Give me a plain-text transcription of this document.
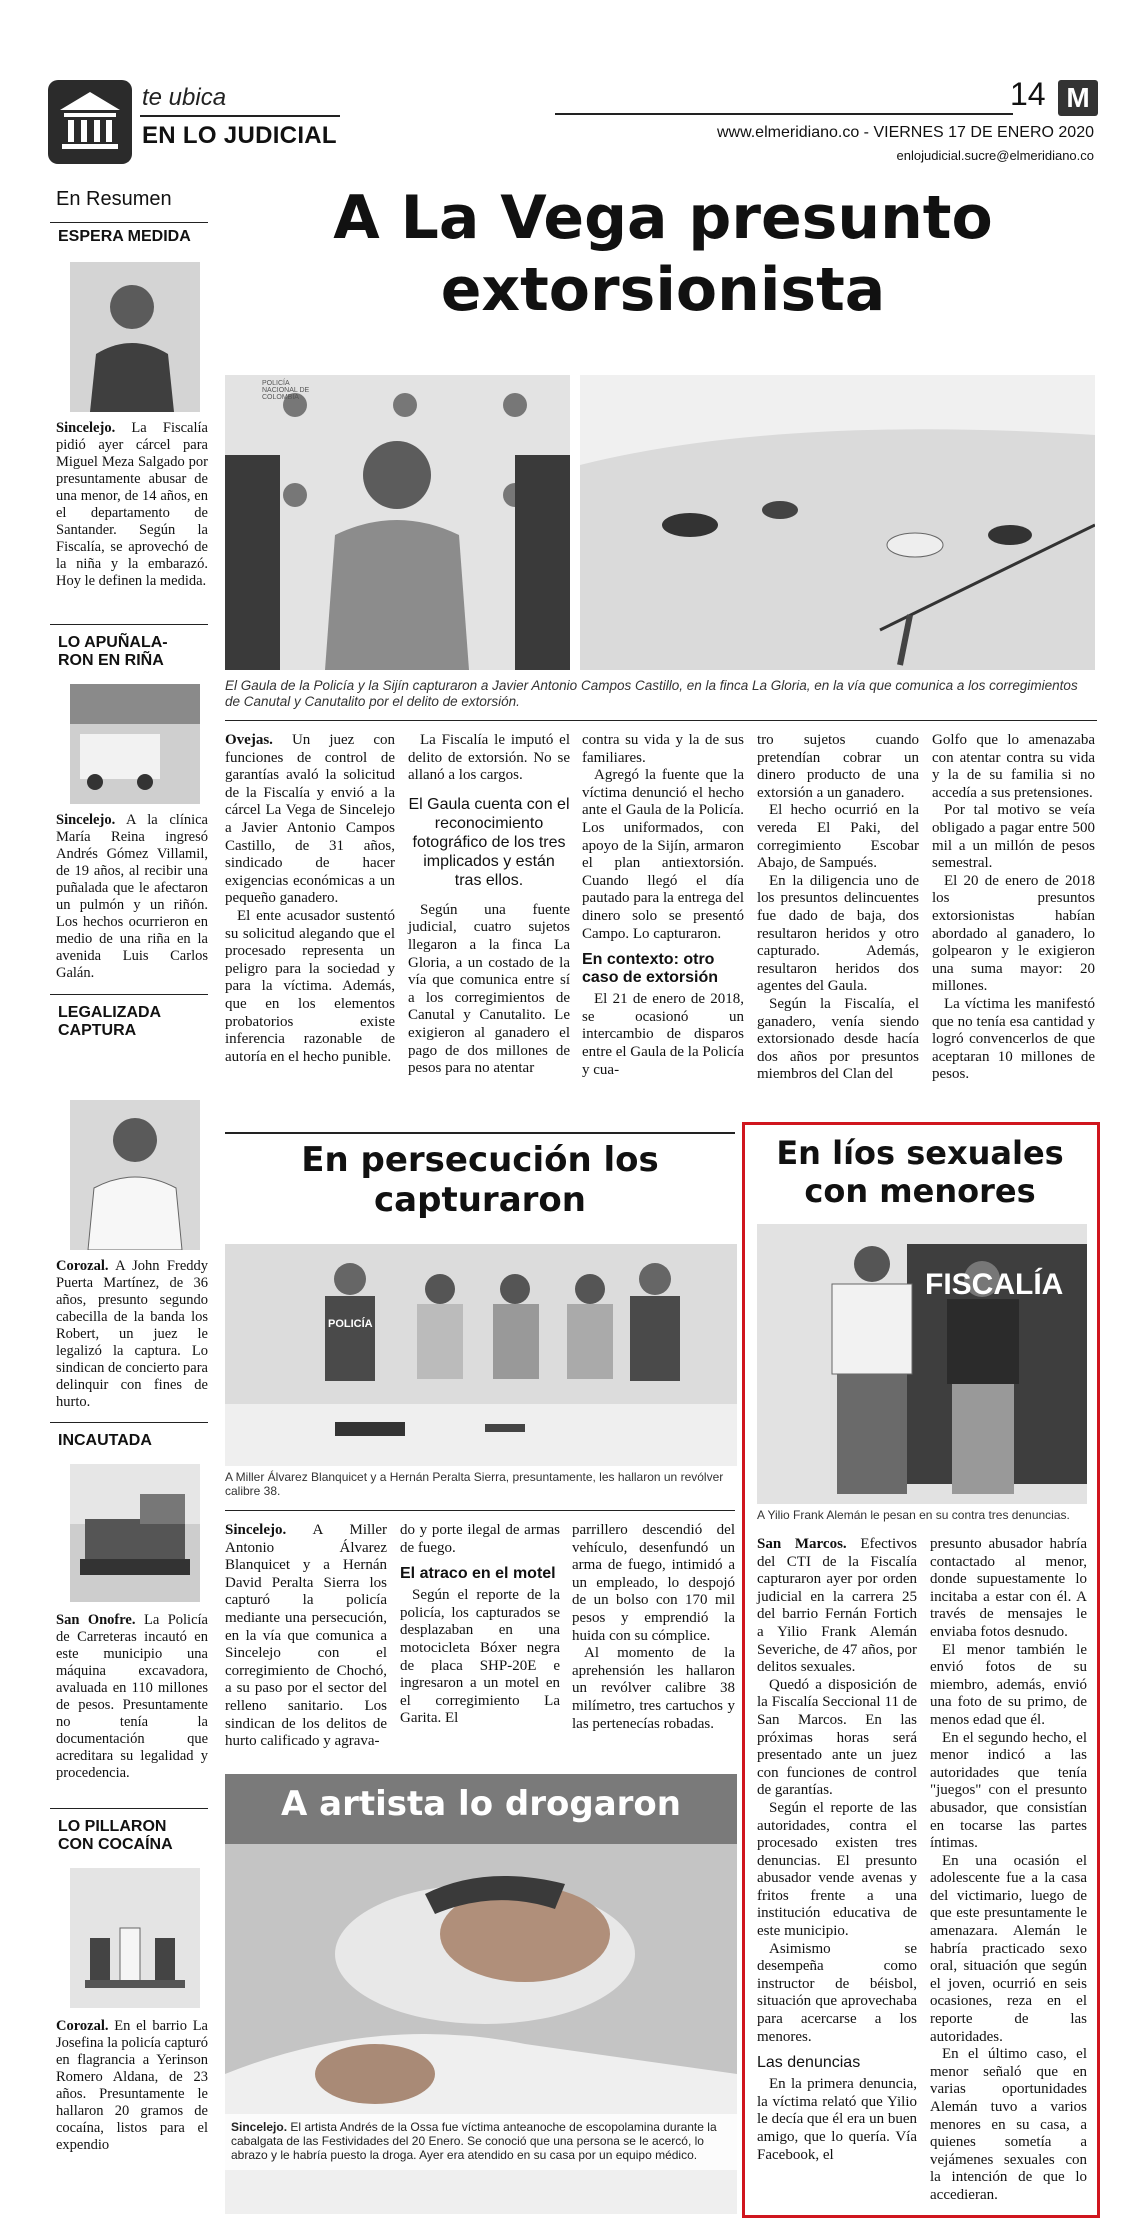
te ubica
EN LO JUDICIAL
14 M
www.elmeridiano.co - VIERNES 17 DE ENERO 2020
enlojudicial.sucre@elmeridiano.co
En Resumen
ESPERA MEDIDA
Sincelejo. La Fiscalía pidió ayer cárcel para Miguel Meza Salgado por presuntamente abusar de una menor, de 14 años, en el departamento de Santander. Según la Fiscalía, se aprovechó de la niña y la embarazó. Hoy le definen la medida.
LO APUÑALA-
RON EN RIÑA
Sincelejo. A la clínica María Reina ingresó Andrés Gómez Villamil, de 19 años, al recibir una puñalada que le afectaron un pulmón y un riñón. Los hechos ocurrieron en medio de una riña en la avenida Luis Carlos Galán.
LEGALIZADA
CAPTURA
Corozal. A John Freddy Puerta Martínez, de 36 años, presunto segundo cabecilla de la banda los Robert, un juez le legalizó la captura. Lo sindican de concierto para delinquir con fines de hurto.
INCAUTADA
San Onofre. La Policía de Carreteras incautó en este municipio una máquina excavadora, avaluada en 110 millones de pesos. Presuntamente no tenía la documentación que acreditara su legalidad y procedencia.
LO PILLARON
CON COCAÍNA
Corozal. En el barrio La Josefina la policía capturó en flagrancia a Yerinson Romero Aldana, de 23 años. Presuntamente le hallaron 20 gramos de cocaína, listos para el expendio
A La Vega presunto extorsionista
POLICÍA NACIONAL DE COLOMBIA
El Gaula de la Policía y la Sijín capturaron a Javier Antonio Campos Castillo, en la finca La Gloria, en la vía que comunica a los corregimientos de Canutal y Canutalito por el delito de extorsión.

Ovejas. Un juez con funciones de control de garantías avaló la solicitud de la Fiscalía y envió a la cárcel La Vega de Sincelejo a Javier Antonio Campos Castillo, de 31 años, sindicado de hacer exigencias económicas a un pequeño ganadero.

El ente acusador sustentó su solicitud alegando que el procesado representa un peligro para la sociedad y para la víctima. Además, que en los elementos probatorios existe inferencia razonable de autoría en el hecho punible.

La Fiscalía le imputó el delito de extorsión. No se allanó a los cargos.

El Gaula cuenta con el reconocimiento fotográfico de los tres implicados y están tras ellos.

Según una fuente judicial, cuatro sujetos llegaron a la finca La Gloria, a un costado de la vía que comunica entre sí a los corregimientos de Canutal y Canutalito. Le exigieron al ganadero el pago de dos millones de pesos para no atentar

contra su vida y la de sus familiares.

Agregó la fuente que la víctima denunció el hecho ante el Gaula de la Policía. Los uniformados, con apoyo de la Sijín, armaron el plan antiextorsión. Cuando llegó el día pautado para la entrega del dinero solo se presentó Campo. Lo capturaron.

En contexto: otro caso de extorsión

El 21 de enero de 2018, se ocasionó un intercambio de disparos entre el Gaula de la Policía y cua-

tro sujetos cuando pretendían cobrar un dinero producto de una extorsión a un ganadero.

El hecho ocurrió en la vereda El Paki, del corregimiento Escobar Abajo, de Sampués.

En la diligencia uno de los presuntos delincuentes fue dado de baja, dos resultaron heridos y otro capturado. Además, resultaron heridos dos agentes del Gaula.

Según la Fiscalía, el ganadero, venía siendo extorsionado desde hacía dos años por presuntos miembros del Clan del

Golfo que lo amenazaba con atentar contra su vida y la de su familia si no accedía a sus pretensiones.

Por tal motivo se veía obligado a pagar entre 500 mil a un millón de pesos semestral.

El 20 de enero de 2018 los presuntos extorsionistas habían abordado al ganadero, lo golpearon y le exigieron una suma mayor: 20 millones.

La víctima les manifestó que no tenía esa cantidad y logró convencerlos de que aceptaran 10 millones de pesos.

En persecución los capturaron
POLICÍA
A Miller Álvarez Blanquicet y a Hernán Peralta Sierra, presuntamente, les hallaron un revólver calibre 38.

Sincelejo. A Miller Antonio Álvarez Blanquicet y a Hernán David Peralta Sierra los capturó la policía mediante una persecución, en la vía que comunica a Sincelejo con el corregimiento de Chochó, a su paso por el sector del relleno sanitario. Los sindican de los delitos de hurto calificado y agrava-

do y porte ilegal de armas de fuego.

El atraco en el motel

Según el reporte de la policía, los capturados se desplazaban en una motocicleta Bóxer negra de placa SHP-20E e ingresaron a un motel en el corregimiento La Garita. El

parrillero descendió del vehículo, desenfundó un arma de fuego, intimidó a un empleado, lo despojó de un bolso con 170 mil pesos y emprendió la huida con su cómplice.

Al momento de la aprehensión les hallaron un revólver calibre 38 milímetro, tres cartuchos y las pertenecías robadas.

A artista lo drogaron
Sincelejo. El artista Andrés de la Ossa fue víctima anteanoche de escopolamina durante la cabalgata de las Festividades del 20 Enero. Se conoció que una persona se le acercó, lo abrazo y le habría puesto la droga. Ayer era atendido en su casa por un equipo médico.
En líos sexuales con menores
FISCALÍA
A Yilio Frank Alemán le pesan en su contra tres denuncias.

San Marcos. Efectivos del CTI de la Fiscalía capturaron ayer por orden judicial en la carrera 25 del barrio Fernán Fortich a Yilio Frank Alemán Severiche, de 47 años, por delitos sexuales.

Quedó a disposición de la Fiscalía Seccional 11 de San Marcos. En las próximas horas será presentado ante un juez con funciones de control de garantías.

Según el reporte de las autoridades, contra el procesado existen tres denuncias. El presunto abusador vende avenas y fritos frente a una institución educativa de este municipio.

Asimismo se desempeña como instructor de béisbol, situación que aprovechaba para acercarse a los menores.

Las denuncias

En la primera denuncia, la víctima relató que Yilio le decía que él era un buen amigo, que lo quería. Vía Facebook, el

presunto abusador habría contactado al menor, donde supuestamente lo incitaba a estar con él. A través de mensajes le enviaba fotos desnudo.

El menor también le envió fotos de su miembro, además, envió una foto de su primo, de menos edad que él.

En el segundo hecho, el menor indicó a las autoridades que tenía "juegos" con el presunto abusador, que consistían en tocarse las partes íntimas.

En una ocasión el adolescente fue a la casa del victimario, luego de que este presuntamente le amenazara. Alemán le habría practicado sexo oral, situación que según el joven, ocurrió en seis ocasiones, reza en el reporte de las autoridades.

En el último caso, el menor señaló que en varias oportunidades Alemán tuvo a varios menores en su casa, a quienes sometía a vejámenes sexuales con la intención de que lo accedieran.
